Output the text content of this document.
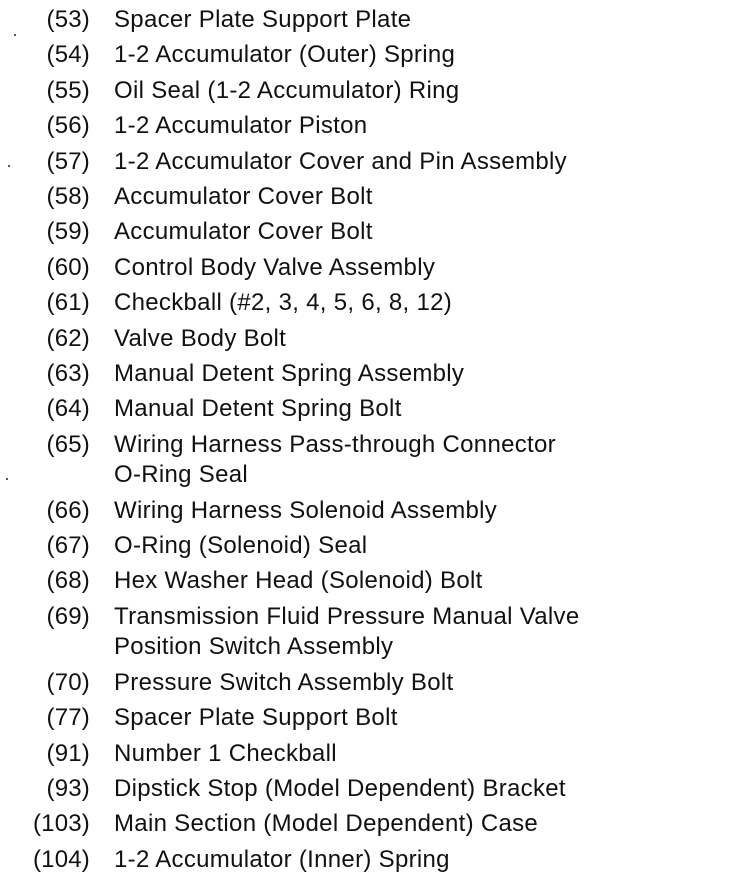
(53) Spacer Plate Support Plate
(54) 1-2 Accumulator (Outer) Spring
(55) Oil Seal (1-2 Accumulator) Ring
(56) 1-2 Accumulator Piston
(57) 1-2 Accumulator Cover and Pin Assembly
(58) Accumulator Cover Bolt
(59) Accumulator Cover Bolt
(60) Control Body Valve Assembly
(61) Checkball (#2, 3, 4, 5, 6, 8, 12)
(62) Valve Body Bolt
(63) Manual Detent Spring Assembly
(64) Manual Detent Spring Bolt
(65) Wiring Harness Pass-through Connector
O-Ring Seal
(66) Wiring Harness Solenoid Assembly
(67) O-Ring (Solenoid) Seal
(68) Hex Washer Head (Solenoid) Bolt
(69) Transmission Fluid Pressure Manual Valve
Position Switch Assembly
(70) Pressure Switch Assembly Bolt
(77) Spacer Plate Support Bolt
(91) Number 1 Checkball
(93) Dipstick Stop (Model Dependent) Bracket
(103) Main Section (Model Dependent) Case
(104) 1-2 Accumulator (Inner) Spring
